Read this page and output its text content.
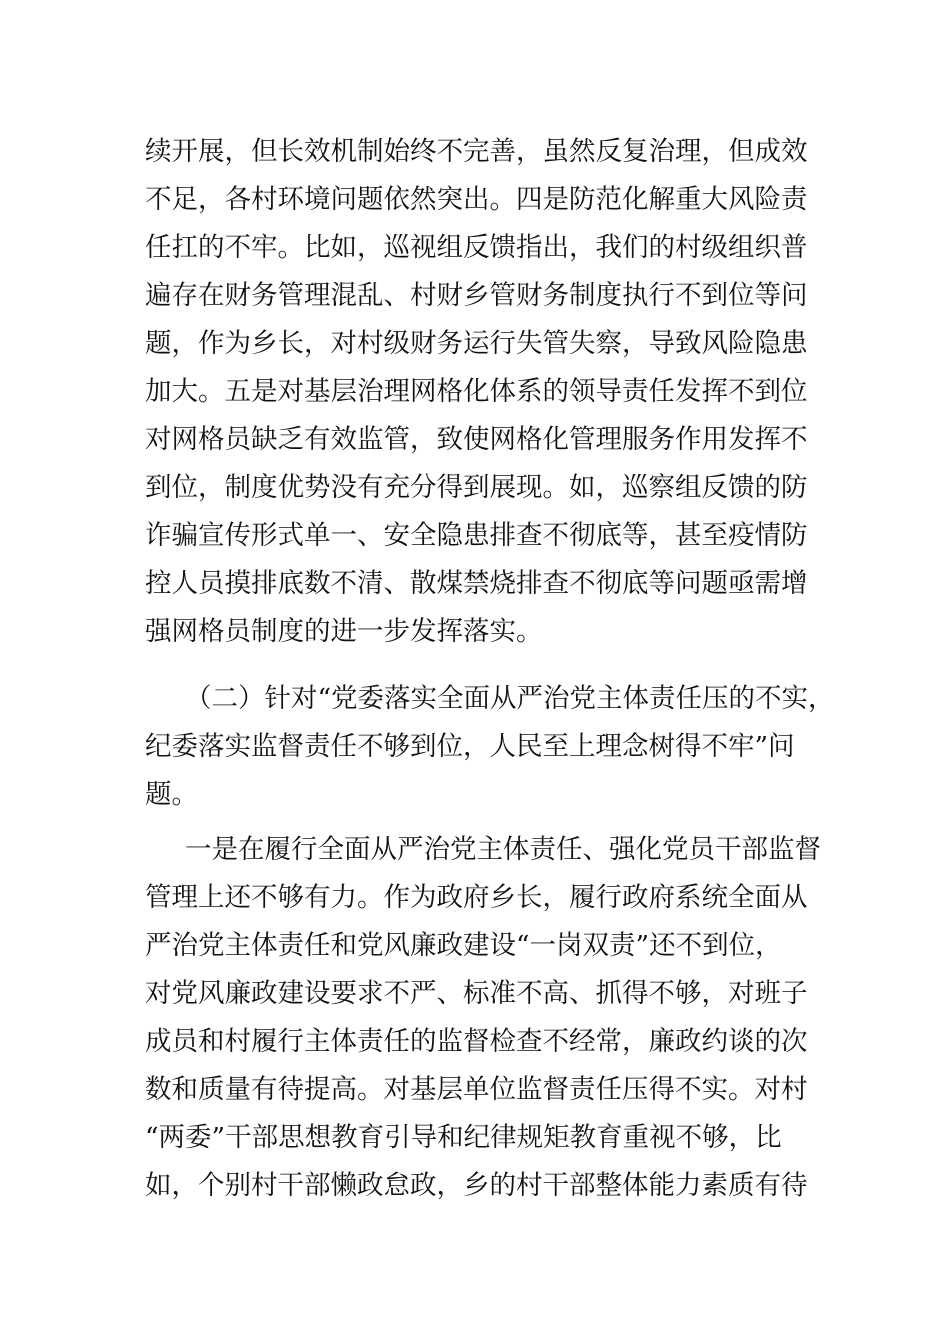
续开展，但长效机制始终不完善，虽然反复治理，但成效
不足，各村环境问题依然突出。四是防范化解重大风险责
任扛的不牢。比如，巡视组反馈指出，我们的村级组织普
遍存在财务管理混乱、村财乡管财务制度执行不到位等问
题，作为乡长，对村级财务运行失管失察，导致风险隐患
加大。五是对基层治理网格化体系的领导责任发挥不到位
对网格员缺乏有效监管，致使网格化管理服务作用发挥不
到位，制度优势没有充分得到展现。如，巡察组反馈的防
诈骗宣传形式单一、安全隐患排查不彻底等，甚至疫情防
控人员摸排底数不清、散煤禁烧排查不彻底等问题亟需增
强网格员制度的进一步发挥落实。
（二）针对“党委落实全面从严治党主体责任压的不实，
纪委落实监督责任不够到位，人民至上理念树得不牢”问
题。
一是在履行全面从严治党主体责任、强化党员干部监督
管理上还不够有力。作为政府乡长，履行政府系统全面从
严治党主体责任和党风廉政建设“一岗双责”还不到位，
对党风廉政建设要求不严、标准不高、抓得不够，对班子
成员和村履行主体责任的监督检查不经常，廉政约谈的次
数和质量有待提高。对基层单位监督责任压得不实。对村
“两委”干部思想教育引导和纪律规矩教育重视不够，比
如，个别村干部懒政怠政，乡的村干部整体能力素质有待
